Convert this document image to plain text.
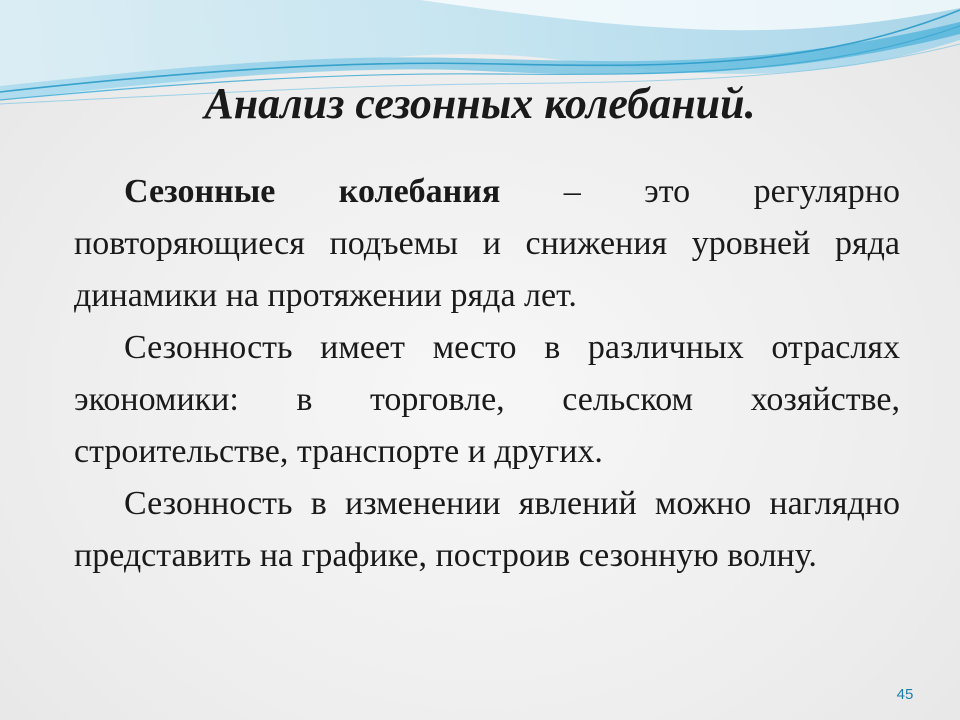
Анализ сезонных колебаний.

Сезонные колебания – это регулярно повторяющиеся подъемы и снижения уровней ряда динамики на протяжении ряда лет.

Сезонность имеет место в различных отраслях экономики: в торговле, сельском хозяйстве, строительстве, транспорте и других.

Сезонность в изменении явлений можно наглядно представить на графике, построив сезонную волну.

45
